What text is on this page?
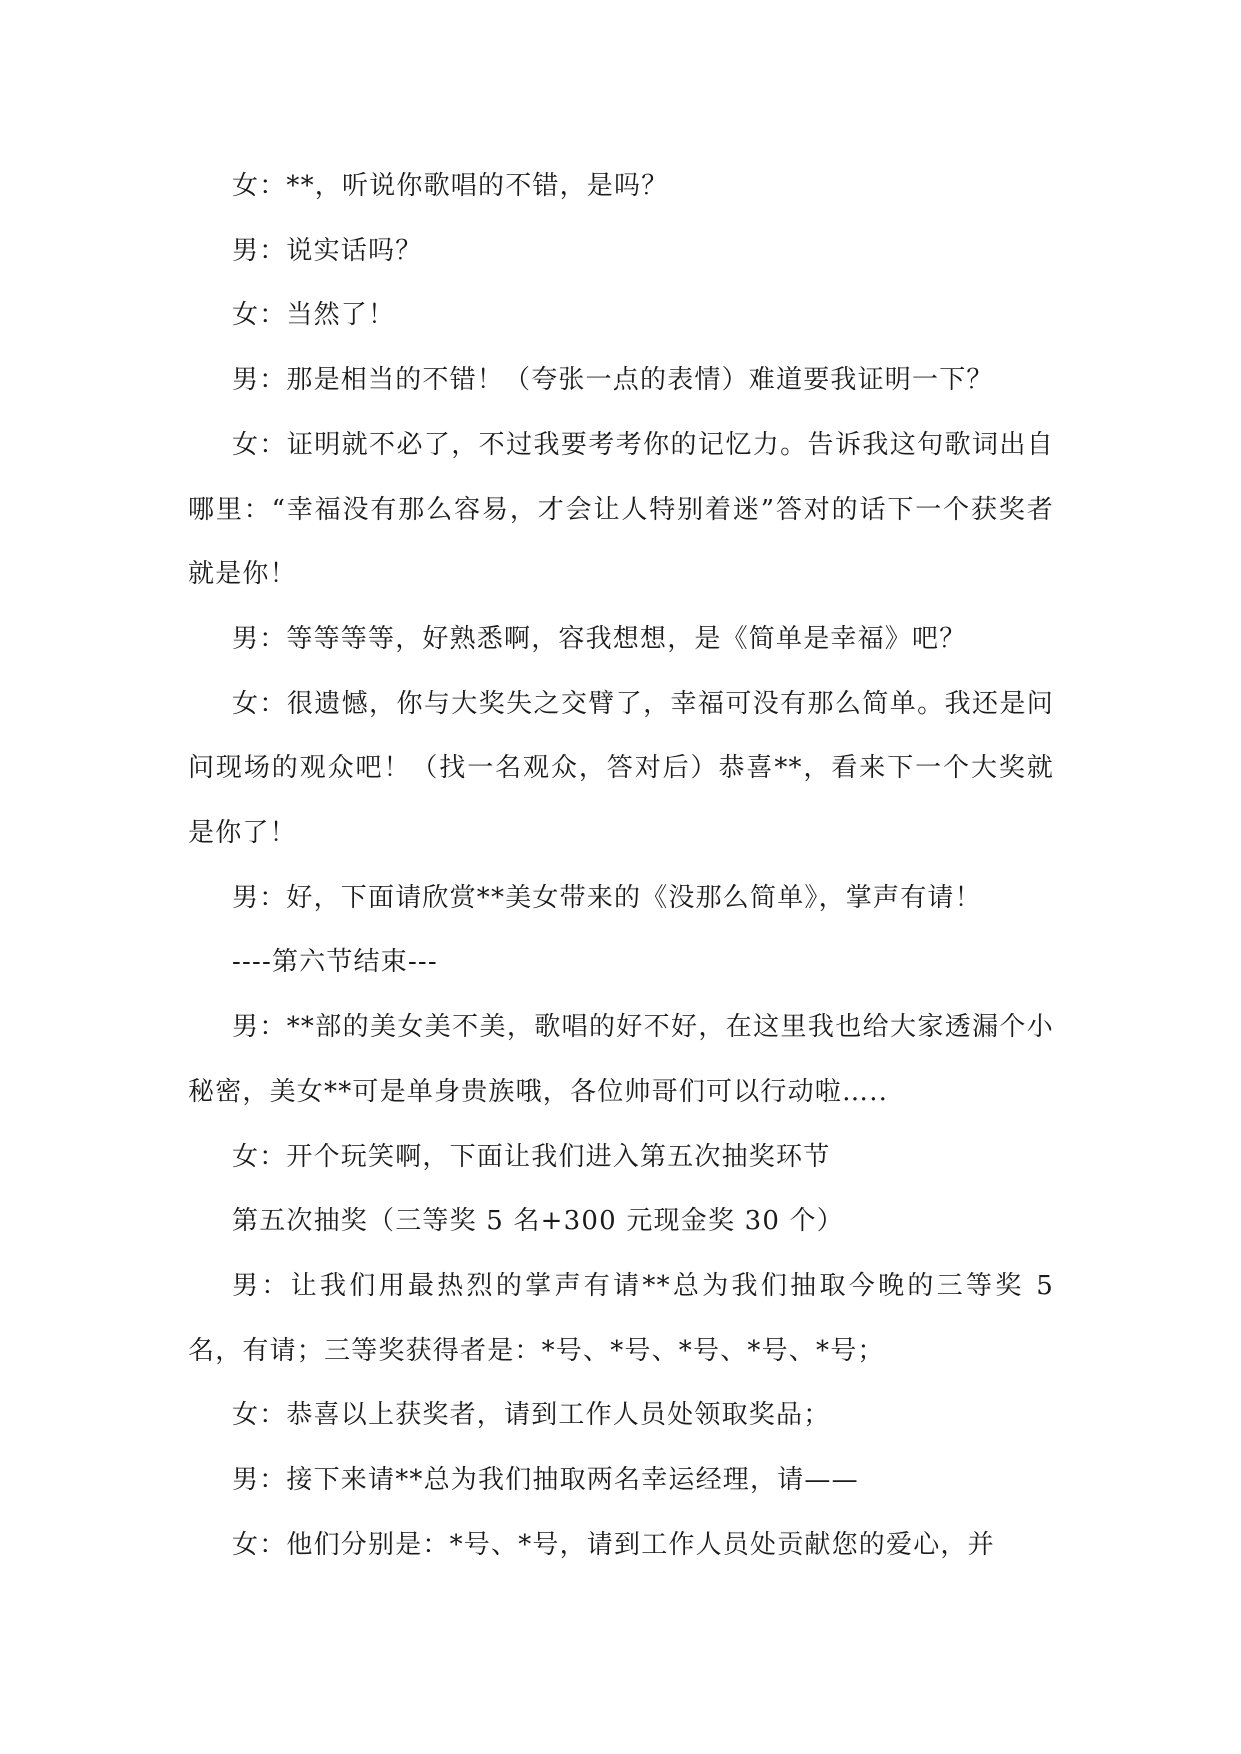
女：**，听说你歌唱的不错，是吗？

男：说实话吗？

女：当然了！

男：那是相当的不错！（夸张一点的表情）难道要我证明一下？

女：证明就不必了，不过我要考考你的记忆力。告诉我这句歌词出自哪里：“幸福没有那么容易，才会让人特别着迷”答对的话下一个获奖者就是你！

男：等等等等，好熟悉啊，容我想想，是《简单是幸福》吧？

女：很遗憾，你与大奖失之交臂了，幸福可没有那么简单。我还是问问现场的观众吧！（找一名观众，答对后）恭喜**，看来下一个大奖就是你了！

男：好，下面请欣赏**美女带来的《没那么简单》，掌声有请！

----第六节结束---

男：**部的美女美不美，歌唱的好不好，在这里我也给大家透漏个小秘密，美女**可是单身贵族哦，各位帅哥们可以行动啦…..

女：开个玩笑啊，下面让我们进入第五次抽奖环节

第五次抽奖（三等奖 5 名+300 元现金奖 30 个）

男：让我们用最热烈的掌声有请**总为我们抽取今晚的三等奖 5 名，有请；三等奖获得者是：*号、*号、*号、*号、*号；

女：恭喜以上获奖者，请到工作人员处领取奖品；

男：接下来请**总为我们抽取两名幸运经理，请——

女：他们分别是：*号、*号，请到工作人员处贡献您的爱心，并
